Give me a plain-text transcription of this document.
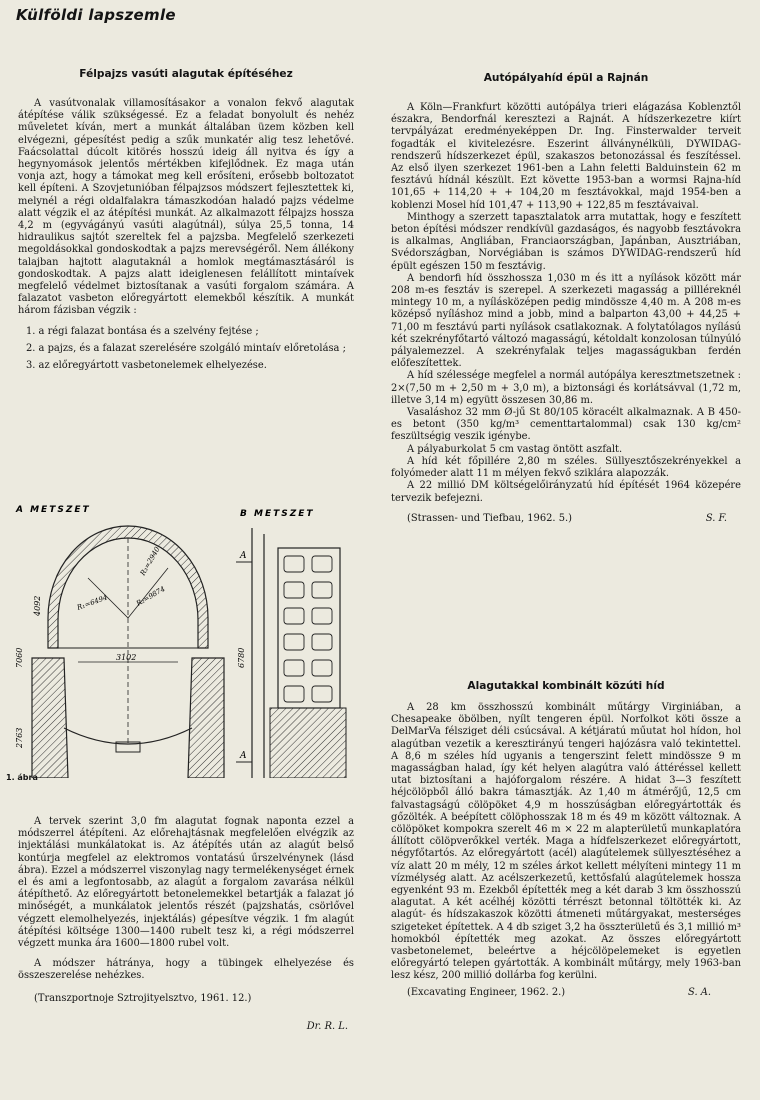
Külföldi lapszemle
Félpajzs vasúti alagutak építéséhez

A vasútvonalak villamosításakor a vonalon fekvő alagutak átépítése válik szükségessé. Ez a feladat bonyolult és nehéz műveletet kíván, mert a munkát általában üzem közben kell elvégezni, gépesítést pedig a szűk munkatér alig tesz lehetővé. Faácsolattal dúcolt kitörés hosszú ideig áll nyitva és így a hegynyomások jelentős mértékben kifejlődnek. Ez maga után vonja azt, hogy a támokat meg kell erősíteni, erősebb boltozatot kell építeni. A Szovjetunióban félpajzsos módszert fejlesztettek ki, melynél a régi oldalfalakra támaszkodóan haladó pajzs védelme alatt végzik el az átépítési munkát. Az alkalmazott félpajzs hossza 4,2 m (egyvágányú vasúti alagútnál), súlya 25,5 tonna, 14 hidraulikus sajtót szereltek fel a pajzsba. Megfelelő szerkezeti megoldásokkal gondoskodtak a pajzs merevségéről. Nem állékony talajban hajtott alagutaknál a homlok megtámasztásáról is gondoskodtak. A pajzs alatt ideiglenesen felállított mintaívek megfelelő védelmet biztosítanak a vasúti forgalom számára. A falazatot vasbeton előregyártott elemekből készítik. A munkát három fázisban végzik :

1. a régi falazat bontása és a szelvény fejtése ;

2. a pajzs, és a falazat szerelésére szolgáló mintaív előretolása ;

3. az előregyártott vasbetonelemek elhelyezése.

A METSZET	B METSZET
3102
7060
4092
2763
R₁=6494	R₂=9874
R₃=2940	A
A
6780
1. ábra

A tervek szerint 3,0 fm alagutat fognak naponta ezzel a módszerrel átépíteni. Az előrehajtásnak megfelelően elvégzik az injektálási munkálatokat is. Az átépítés után az alagút belső kontúrja megfelel az elektromos vontatású űrszelvénynek (lásd ábra). Ezzel a módszerrel viszonylag nagy termelékenységet érnek el és ami a legfontosabb, az alagút a forgalom zavarása nélkül átépíthető. Az előregyártott betonelemekkel betartják a falazat jó minőségét, a munkálatok jelentős részét (pajzshatás, csörlővel végzett elemolhelyezés, injektálás) gépesítve végzik. 1 fm alagút átépítési költsége 1300—1400 rubelt tesz ki, a régi módszerrel végzett munka ára 1600—1800 rubel volt.

A módszer hátránya, hogy a tübingek elhelyezése és összeszerelése nehézkes.

(Transzportnoje Sztrojityelsztvo, 1961. 12.)

Dr. R. L.
Autópályahíd épül a Rajnán

A Köln—Frankfurt közötti autópálya trieri elágazása Koblenztől északra, Bendorfnál keresztezi a Rajnát. A hídszerkezetre kiírt tervpályázat eredményeképpen Dr. Ing. Finsterwalder terveit fogadták el kivitelezésre. Eszerint állványnélküli, DYWIDAG-rendszerű hídszerkezet épül, szakaszos betonozással és feszítéssel. Az első ilyen szerkezet 1961-ben a Lahn feletti Balduinstein 62 m fesztávú hídnál készült. Ezt követte 1953-ban a wormsi Rajna-híd 101,65 + 114,20 + + 104,20 m fesztávokkal, majd 1954-ben a koblenzi Mosel híd 101,47 + 113,90 + 122,85 m fesztávaival.

Minthogy a szerzett tapasztalatok arra mutattak, hogy e feszített beton építési módszer rendkívül gazdaságos, és nagyobb fesztávokra is alkalmas, Angliában, Franciaországban, Japánban, Ausztriában, Svédországban, Norvégiában is számos DYWIDAG-rendszerű híd épült egészen 150 m fesztávig.

A bendorfi híd összhossza 1,030 m és itt a nyílások között már 208 m-es fesztáv is szerepel. A szerkezeti magasság a pillléreknél mintegy 10 m, a nyílásközépen pedig mindössze 4,40 m. A 208 m-es középső nyíláshoz mind a jobb, mind a balparton 43,00 + 44,25 + 71,00 m fesztávú parti nyílások csatlakoznak. A folytatólagos nyílású két szekrényfőtartó változó magasságú, kétoldalt konzolosan túlnyúló pályalemezzel. A szekrényfalak teljes magasságukban ferdén előfeszítettek.

A híd szélessége megfelel a normál autópálya keresztmetszetnek : 2×(7,50 m + 2,50 m + 3,0 m), a biztonsági és korlátsávval (1,72 m, illetve 3,14 m) együtt összesen 30,86 m.

Vasaláshoz 32 mm Ø-jű St 80/105 köracélt alkalmaznak. A B 450-es betont (350 kg/m³ cementtartalommal) csak 130 kg/cm² feszültségig veszik igénybe.

A pályaburkolat 5 cm vastag öntött aszfalt.

A híd két főpillére 2,80 m széles. Süllyesztőszekrényekkel a folyómeder alatt 11 m mélyen fekvő sziklára alapozzák.

A 22 millió DM költségelőirányzatú híd építését 1964 közepére tervezik befejezni.

(Strassen- und Tiefbau, 1962. 5.)	S. F.
Alagutakkal kombinált közúti híd

A 28 km összhosszú kombinált műtárgy Virginiában, a Chesapeake öbölben, nyílt tengeren épül. Norfolkot köti össze a DelMarVa félsziget déli csúcsával. A kétjáratú műutat hol hídon, hol alagútban vezetik a keresztirányú tengeri hajózásra való tekintettel. A 8,6 m széles híd ugyanis a tengerszint felett mindössze 9 m magasságban halad, így két helyen alagútra való áttéréssel kellett utat biztosítani a hajóforgalom részére. A hidat 3—3 feszített héjcölöpből álló bakra támasztják. Az 1,40 m átmérőjű, 12,5 cm falvastagságú cölöpöket 4,9 m hosszúságban előregyártották és gőzölték. A beépített cölöphosszak 18 m és 49 m között változnak. A cölöpöket kompokra szerelt 46 m × 22 m alapterületű munkaplatóra állított cölöpverőkkel verték. Maga a hídfelszerkezet előregyártott, négyfőtartós. Az előregyártott (acél) alagútelemek süllyesztéséhez a víz alatt 20 m mély, 12 m széles árkot kellett mélyíteni mintegy 11 m vízmélység alatt. Az acélszerkezetű, kettősfalú alagútelemek hossza egyenként 93 m. Ezekből építették meg a két darab 3 km összhosszú alagutat. A két acélhéj közötti térrészt betonnal töltötték ki. Az alagút- és hídszakaszok közötti átmeneti műtárgyakat, mesterséges szigeteket építettek. A 4 db sziget 3,2 ha összterületű és 3,1 millió m³ homokból építették meg azokat. Az összes előregyártott vasbetonelemet, beleértve a héjcölöpelemeket is egyetlen előregyártó telepen gyártották. A kombinált műtárgy, mely 1963-ban lesz kész, 200 millió dollárba fog kerülni.

(Excavating Engineer, 1962. 2.)	S. A.
